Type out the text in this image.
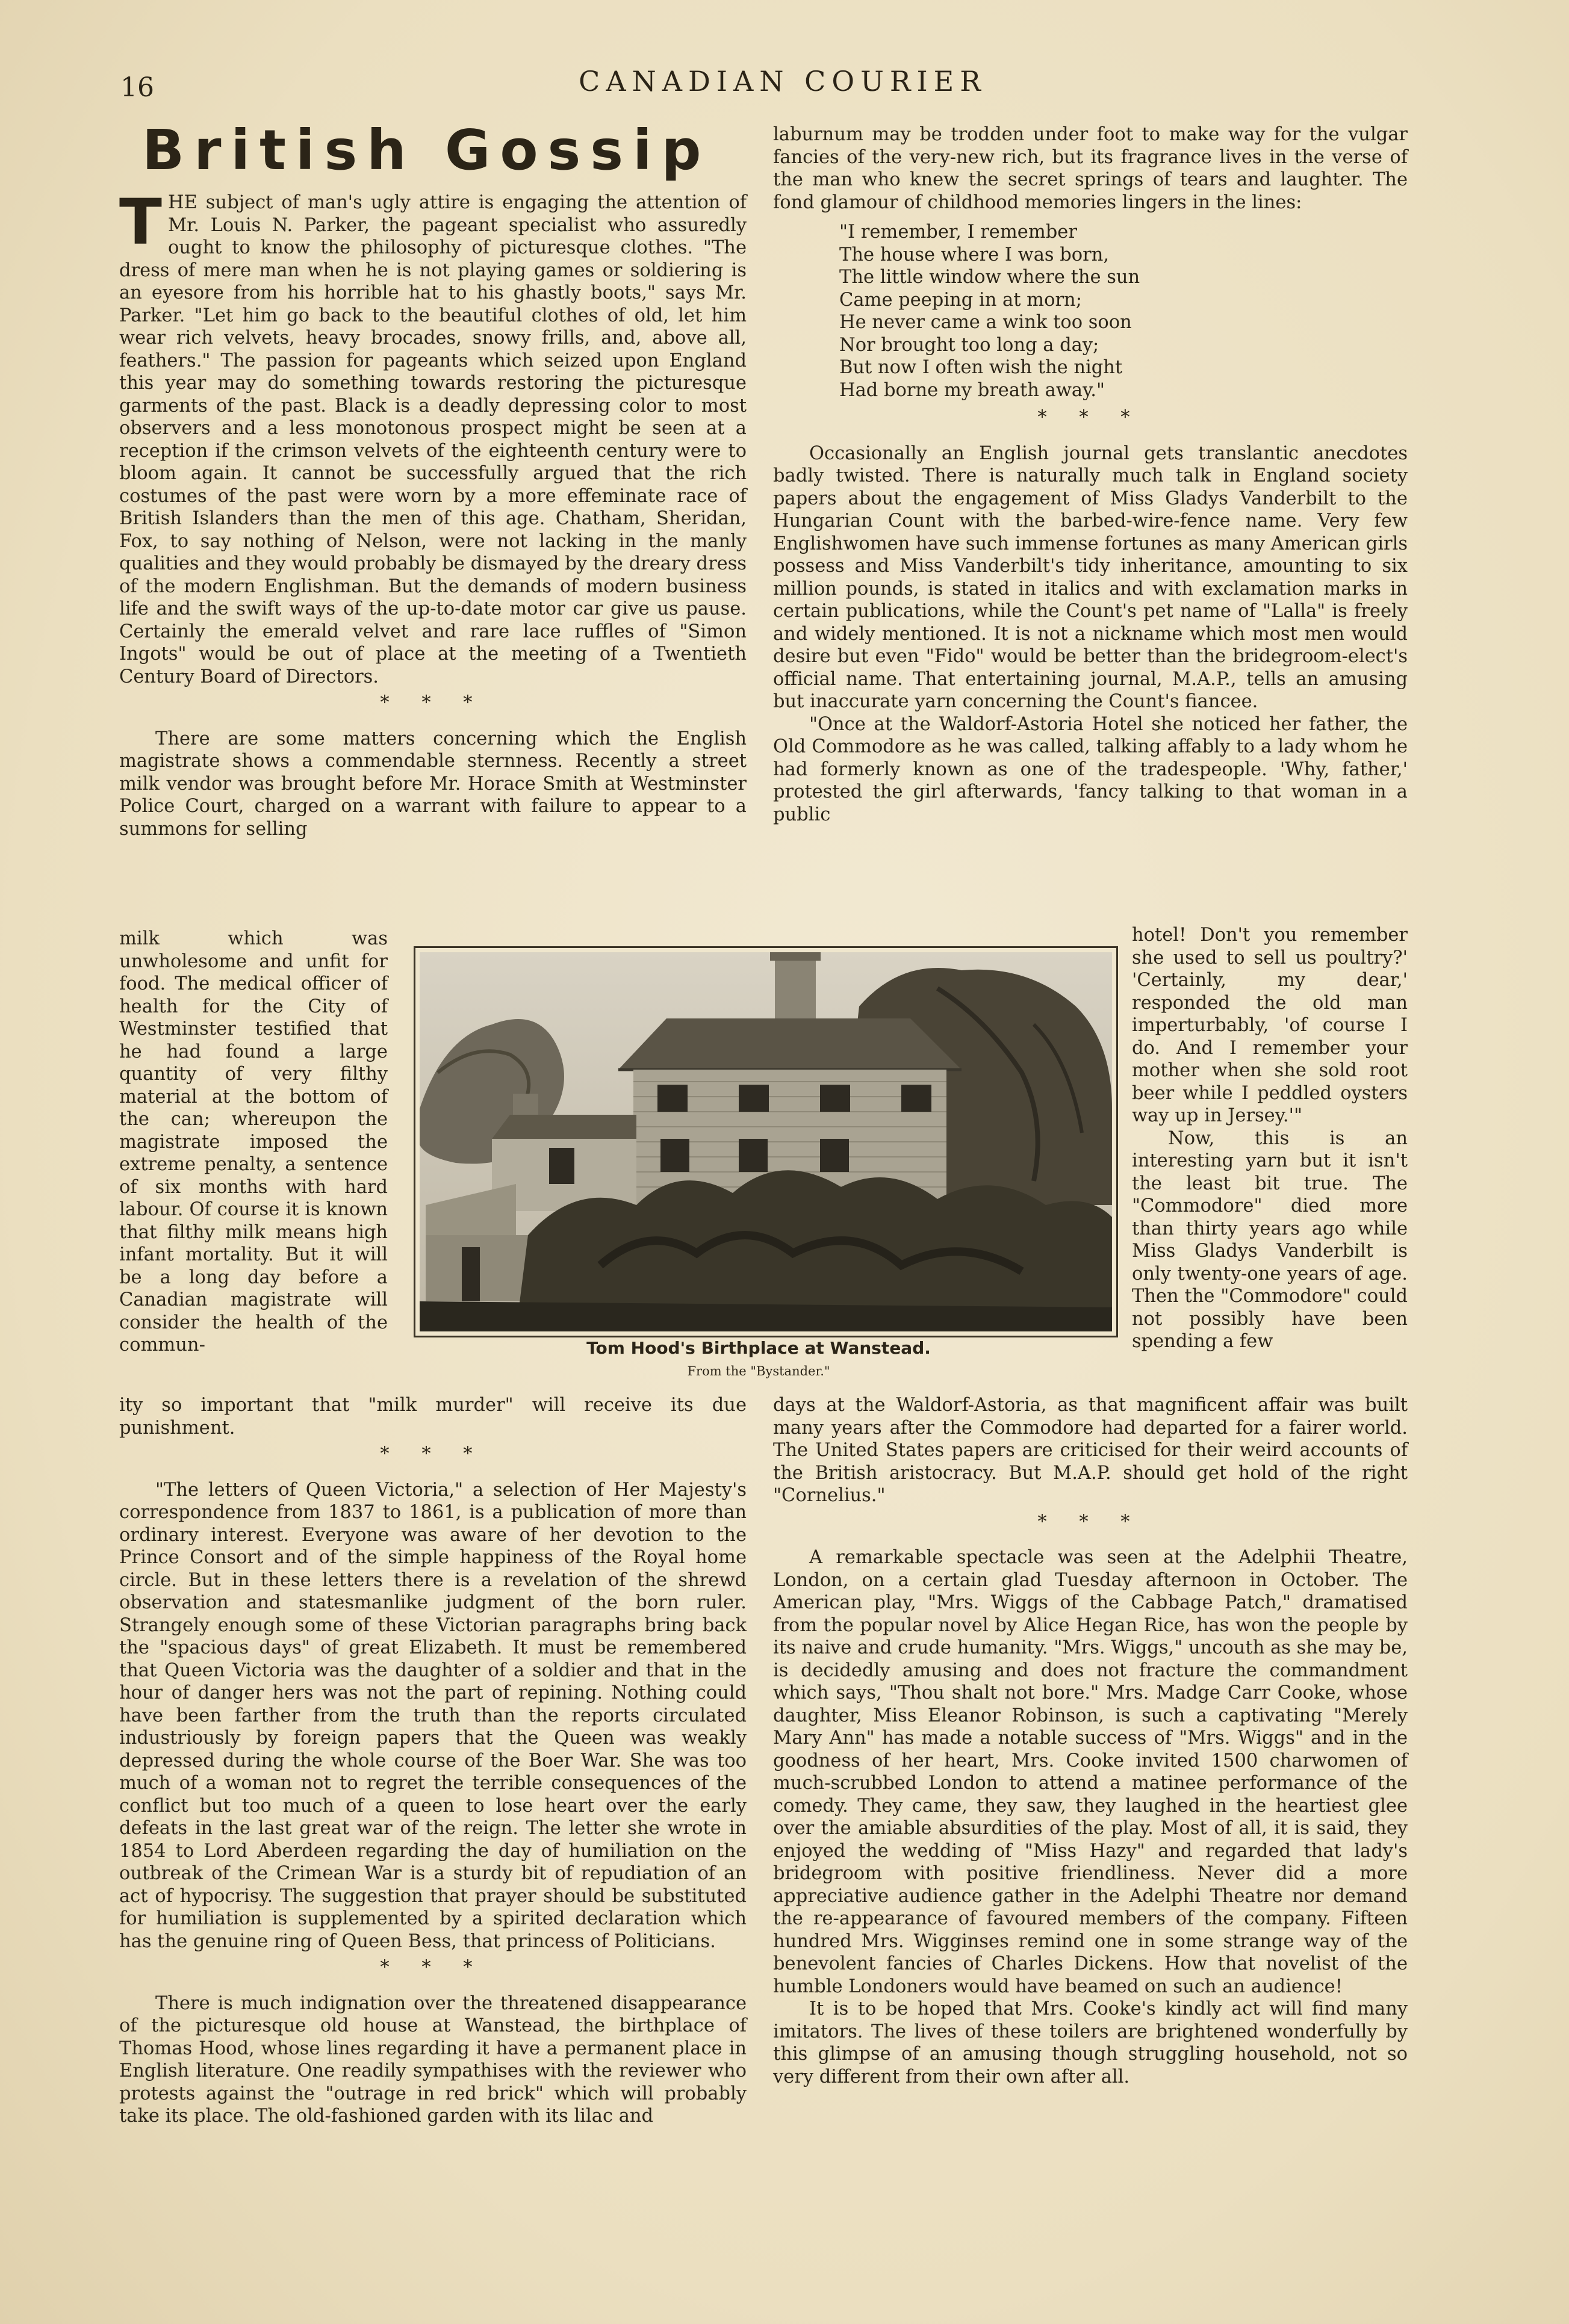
16	CANADIAN COURIER
British Gossip

THE subject of man's ugly attire is engaging the attention of Mr. Louis N. Parker, the pageant specialist who assuredly ought to know the philosophy of picturesque clothes. "The dress of mere man when he is not playing games or soldiering is an eyesore from his horrible hat to his ghastly boots," says Mr. Parker. "Let him go back to the beautiful clothes of old, let him wear rich velvets, heavy brocades, snowy frills, and, above all, feathers." The passion for pageants which seized upon England this year may do something towards restoring the picturesque garments of the past. Black is a deadly depressing color to most observers and a less monotonous prospect might be seen at a reception if the crimson velvets of the eighteenth century were to bloom again. It cannot be successfully argued that the rich costumes of the past were worn by a more effeminate race of British Islanders than the men of this age. Chatham, Sheridan, Fox, to say nothing of Nelson, were not lacking in the manly qualities and they would probably be dismayed by the dreary dress of the modern Englishman. But the demands of modern business life and the swift ways of the up-to-date motor car give us pause. Certainly the emerald velvet and rare lace ruffles of "Simon Ingots" would be out of place at the meeting of a Twentieth Century Board of Directors.

* * *

There are some matters concerning which the English magistrate shows a commendable sternness. Recently a street milk vendor was brought before Mr. Horace Smith at Westminster Police Court, charged on a warrant with failure to appear to a summons for selling

milk which was unwholesome and unfit for food. The medical officer of health for the City of Westminster testified that he had found a large quantity of very filthy material at the bottom of the can; whereupon the magistrate imposed the extreme penalty, a sentence of six months with hard labour. Of course it is known that filthy milk means high infant mortality. But it will be a long day before a Canadian magistrate will consider the health of the commun-

ity so important that "milk murder" will receive its due punishment.

* * *

"The letters of Queen Victoria," a selection of Her Majesty's correspondence from 1837 to 1861, is a publication of more than ordinary interest. Everyone was aware of her devotion to the Prince Consort and of the simple happiness of the Royal home circle. But in these letters there is a revelation of the shrewd observation and statesmanlike judgment of the born ruler. Strangely enough some of these Victorian paragraphs bring back the "spacious days" of great Elizabeth. It must be remembered that Queen Victoria was the daughter of a soldier and that in the hour of danger hers was not the part of repining. Nothing could have been farther from the truth than the reports circulated industriously by foreign papers that the Queen was weakly depressed during the whole course of the Boer War. She was too much of a woman not to regret the terrible consequences of the conflict but too much of a queen to lose heart over the early defeats in the last great war of the reign. The letter she wrote in 1854 to Lord Aberdeen regarding the day of humiliation on the outbreak of the Crimean War is a sturdy bit of repudiation of an act of hypocrisy. The suggestion that prayer should be substituted for humiliation is supplemented by a spirited declaration which has the genuine ring of Queen Bess, that princess of Politicians.

* * *

There is much indignation over the threatened disappearance of the picturesque old house at Wanstead, the birthplace of Thomas Hood, whose lines regarding it have a permanent place in English literature. One readily sympathises with the reviewer who protests against the "outrage in red brick" which will probably take its place. The old-fashioned garden with its lilac and

laburnum may be trodden under foot to make way for the vulgar fancies of the very-new rich, but its fragrance lives in the verse of the man who knew the secret springs of tears and laughter. The fond glamour of childhood memories lingers in the lines:

"I remember, I remember
The house where I was born,
The little window where the sun
Came peeping in at morn;
He never came a wink too soon
Nor brought too long a day;
But now I often wish the night
Had borne my breath away."
* * *

Occasionally an English journal gets translantic anecdotes badly twisted. There is naturally much talk in England society papers about the engagement of Miss Gladys Vanderbilt to the Hungarian Count with the barbed-wire-fence name. Very few Englishwomen have such immense fortunes as many American girls possess and Miss Vanderbilt's tidy inheritance, amounting to six million pounds, is stated in italics and with exclamation marks in certain publications, while the Count's pet name of "Lalla" is freely and widely mentioned. It is not a nickname which most men would desire but even "Fido" would be better than the bridegroom-elect's official name. That entertaining journal, M.A.P., tells an amusing but inaccurate yarn concerning the Count's fiancee.

"Once at the Waldorf-Astoria Hotel she noticed her father, the Old Commodore as he was called, talking affably to a lady whom he had formerly known as one of the tradespeople. 'Why, father,' protested the girl afterwards, 'fancy talking to that woman in a public

hotel! Don't you remember she used to sell us poultry?' 'Certainly, my dear,' responded the old man imperturbably, 'of course I do. And I remember your mother when she sold root beer while I peddled oysters way up in Jersey.'"

Now, this is an interesting yarn but it isn't the least bit true. The "Commodore" died more than thirty years ago while Miss Gladys Vanderbilt is only twenty-one years of age. Then the "Commodore" could not possibly have been spending a few

days at the Waldorf-Astoria, as that magnificent affair was built many years after the Commodore had departed for a fairer world. The United States papers are criticised for their weird accounts of the British aristocracy. But M.A.P. should get hold of the right "Cornelius."

* * *

A remarkable spectacle was seen at the Adelphii Theatre, London, on a certain glad Tuesday afternoon in October. The American play, "Mrs. Wiggs of the Cabbage Patch," dramatised from the popular novel by Alice Hegan Rice, has won the people by its naive and crude humanity. "Mrs. Wiggs," uncouth as she may be, is decidedly amusing and does not fracture the commandment which says, "Thou shalt not bore." Mrs. Madge Carr Cooke, whose daughter, Miss Eleanor Robinson, is such a captivating "Merely Mary Ann" has made a notable success of "Mrs. Wiggs" and in the goodness of her heart, Mrs. Cooke invited 1500 charwomen of much-scrubbed London to attend a matinee performance of the comedy. They came, they saw, they laughed in the heartiest glee over the amiable absurdities of the play. Most of all, it is said, they enjoyed the wedding of "Miss Hazy" and regarded that lady's bridegroom with positive friendliness. Never did a more appreciative audience gather in the Adelphi Theatre nor demand the re-appearance of favoured members of the company. Fifteen hundred Mrs. Wigginses remind one in some strange way of the benevolent fancies of Charles Dickens. How that novelist of the humble Londoners would have beamed on such an audience!

It is to be hoped that Mrs. Cooke's kindly act will find many imitators. The lives of these toilers are brightened wonderfully by this glimpse of an amusing though struggling household, not so very different from their own after all.

Tom Hood's Birthplace at Wanstead.
From the "Bystander."
